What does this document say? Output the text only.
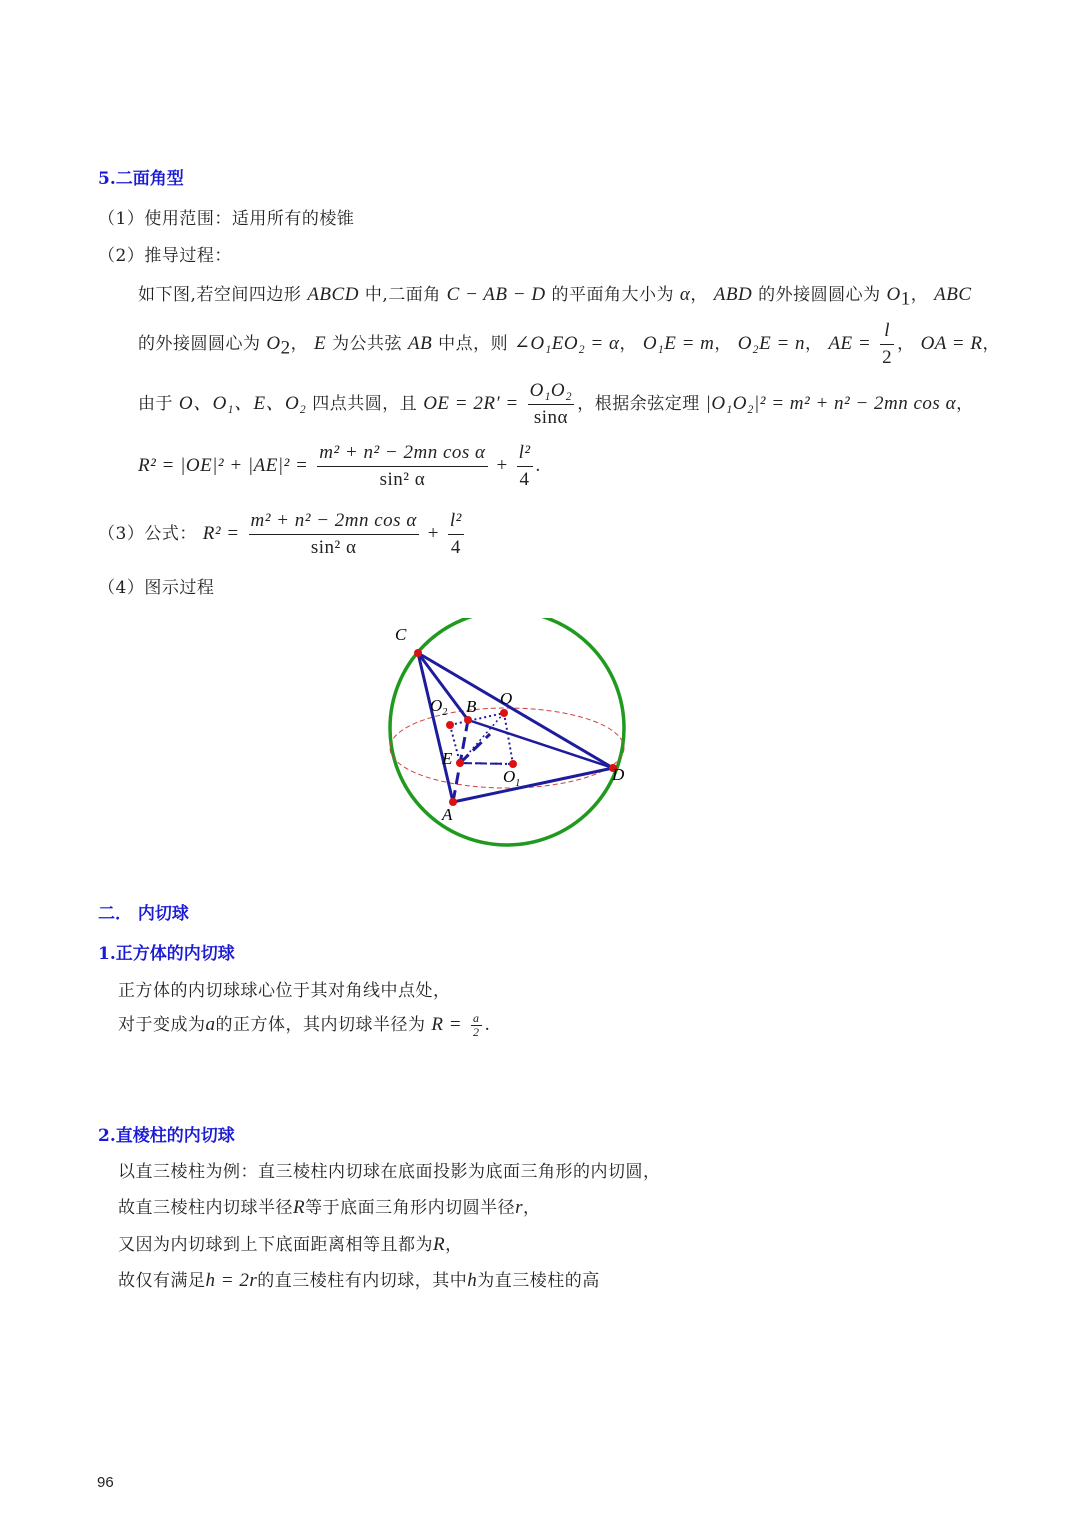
5.二面角型
（1）使用范围：适用所有的棱锥
（2）推导过程：
如下图,若空间四边形 ABCD 中,二面角 C − AB − D 的平面角大小为 α， ABD 的外接圆圆心为 $O_1$， ABC
的外接圆圆心为 $O_2$， E 为公共弦 AB 中点，则 ∠O₁EO₂ = α， O₁E = m， O₂E = n， AE = $\frac{l}{2}$ ， OA = R，
由于 O、O₁、E、O₂ 四点共圆，且 OE = $2R' = \frac{\text{O₁O₂}}{\sin\alpha}$ ，根据余弦定理 |O₁O₂|² = m² + n² − 2mn cos α，
$R^2 = |OE|^2 + |AE|^2 = \frac{\text{m² + n² − 2mn cos α}}{\text{sin² α}} + \frac{\text{l²}}{4}$ .
（3）公式： $R^2 = \frac{\text{m² + n² − 2mn cos α}}{\text{sin² α}} + \frac{\text{l²}}{4}$
（4）图示过程
C
B O
$O_2$
E
$O_1$	D
A
二． 内切球
1.正方体的内切球
正方体的内切球球心位于其对角线中点处，
对于变成为a的正方体，其内切球半径为 $R = \frac{a}{2}$ .
2.直棱柱的内切球
以直三棱柱为例：直三棱柱内切球在底面投影为底面三角形的内切圆，
故直三棱柱内切球半径R等于底面三角形内切圆半径r，
又因为内切球到上下底面距离相等且都为R，
故仅有满足h = 2r的直三棱柱有内切球，其中h为直三棱柱的高
96
